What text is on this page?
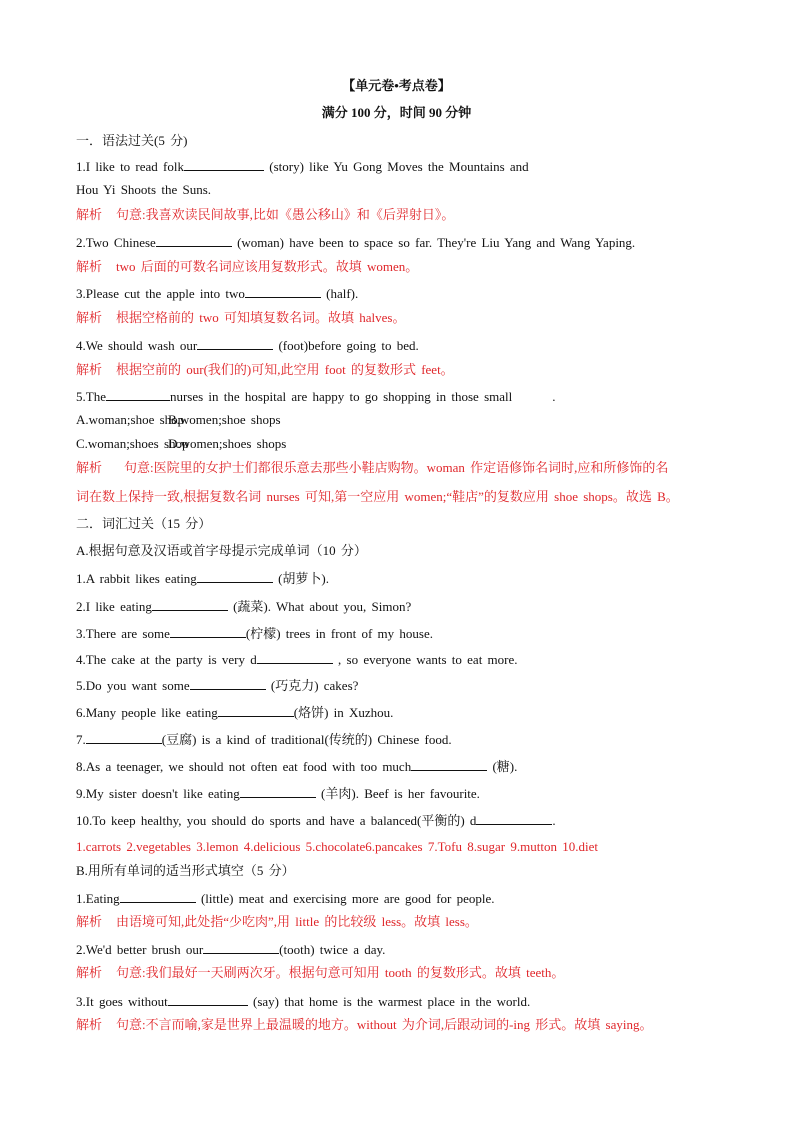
【单元卷•考点卷】
满分 100 分，时间 90 分钟
一．语法过关(5 分)
1.I like to read folk	(story) like Yu Gong Moves the Mountains and
Hou Yi Shoots the Suns.
解析 句意:我喜欢读民间故事,比如《愚公移山》和《后羿射日》。
2.Two Chinese	(woman) have been to space so far. They're Liu Yang and Wang Yaping.
解析 two 后面的可数名词应该用复数形式。故填 women。
3.Please cut the apple into two	(half).
解析 根据空格前的 two 可知填复数名词。故填 halves。
4.We should wash our	(foot)before going to bed.
解析 根据空前的 our(我们的)可知,此空用 foot 的复数形式 feet。
5.The	nurses in the hospital are happy to go shopping in those small	.
A.woman;shoe shop
B.women;shoe shops
C.woman;shoes shop
D.women;shoes shops
解析 句意:医院里的女护士们都很乐意去那些小鞋店购物。woman 作定语修饰名词时,应和所修饰的名
词在数上保持一致,根据复数名词 nurses 可知,第一空应用 women;“鞋店”的复数应用 shoe shops。故选 B。
二．词汇过关（15 分）
A.根据句意及汉语或首字母提示完成单词（10 分）
1.A rabbit likes eating	(胡萝卜).
2.I like eating	(蔬菜). What about you, Simon?
3.There are some	(柠檬) trees in front of my house.
4.The cake at the party is very d	, so everyone wants to eat more.
5.Do you want some	(巧克力) cakes?
6.Many people like eating	(烙饼) in Xuzhou.
7.	(豆腐) is a kind of traditional(传统的) Chinese food.
8.As a teenager, we should not often eat food with too much	(糖).
9.My sister doesn't like eating	(羊肉). Beef is her favourite.
10.To keep healthy, you should do sports and have a balanced(平衡的) d	.
1.carrots 2.vegetables 3.lemon 4.delicious 5.chocolate6.pancakes 7.Tofu 8.sugar 9.mutton 10.diet
B.用所有单词的适当形式填空（5 分）
1.Eating	(little) meat and exercising more are good for people.
解析 由语境可知,此处指“少吃肉”,用 little 的比较级 less。故填 less。
2.We'd better brush our	(tooth) twice a day.
解析 句意:我们最好一天刷两次牙。根据句意可知用 tooth 的复数形式。故填 teeth。
3.It goes without	(say) that home is the warmest place in the world.
解析 句意:不言而喻,家是世界上最温暖的地方。without 为介词,后跟动词的-ing 形式。故填 saying。
